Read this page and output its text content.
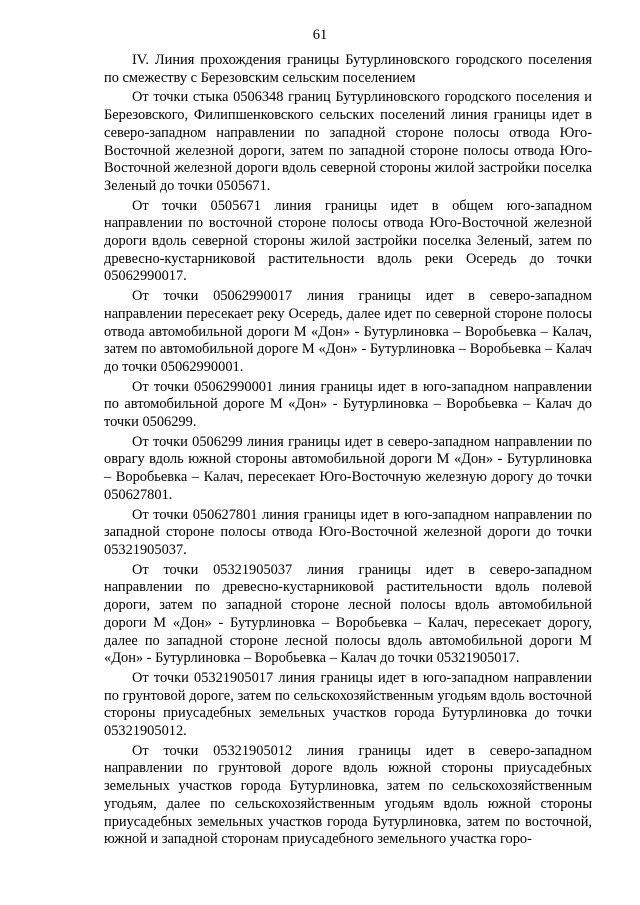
61

IV. Линия прохождения границы Бутурлиновского городского поселения по смежеству с Березовским сельским поселением

От точки стыка 0506348 границ Бутурлиновского городского поселения и Березовского, Филипшенковского сельских поселений линия границы идет в северо-западном направлении по западной стороне полосы отвода Юго-Восточной железной дороги, затем по западной стороне полосы отвода Юго-Восточной железной дороги вдоль северной стороны жилой застройки поселка Зеленый до точки 0505671.

От точки 0505671 линия границы идет в общем юго-западном направлении по восточной стороне полосы отвода Юго-Восточной железной дороги вдоль северной стороны жилой застройки поселка Зеленый, затем по древесно-кустарниковой растительности вдоль реки Осередь до точки 05062990017.

От точки 05062990017 линия границы идет в северо-западном направлении пересекает реку Осередь, далее идет по северной стороне полосы отвода автомобильной дороги М «Дон» - Бутурлиновка – Воробьевка – Калач, затем по автомобильной дороге М «Дон» - Бутурлиновка – Воробьевка – Калач до точки 05062990001.

От точки 05062990001 линия границы идет в юго-западном направлении по автомобильной дороге М «Дон» - Бутурлиновка – Воробьевка – Калач до точки 0506299.

От точки 0506299 линия границы идет в северо-западном направлении по оврагу вдоль южной стороны автомобильной дороги М «Дон» - Бутурлиновка – Воробьевка – Калач, пересекает Юго-Восточную железную дорогу до точки 050627801.

От точки 050627801 линия границы идет в юго-западном направлении по западной стороне полосы отвода Юго-Восточной железной дороги до точки 05321905037.

От точки 05321905037 линия границы идет в северо-западном направлении по древесно-кустарниковой растительности вдоль полевой дороги, затем по западной стороне лесной полосы вдоль автомобильной дороги М «Дон» - Бутурлиновка – Воробьевка – Калач, пересекает дорогу, далее по западной стороне лесной полосы вдоль автомобильной дороги М «Дон» - Бутурлиновка – Воробьевка – Калач до точки 05321905017.

От точки 05321905017 линия границы идет в юго-западном направлении по грунтовой дороге, затем по сельскохозяйственным угодьям вдоль восточной стороны приусадебных земельных участков города Бутурлиновка до точки 05321905012.

От точки 05321905012 линия границы идет в северо-западном направлении по грунтовой дороге вдоль южной стороны приусадебных земельных участков города Бутурлиновка, затем по сельскохозяйственным угодьям, далее по сельскохозяйственным угодьям вдоль южной стороны приусадебных земельных участков города Бутурлиновка, затем по восточной, южной и западной сторонам приусадебного земельного участка горо-
